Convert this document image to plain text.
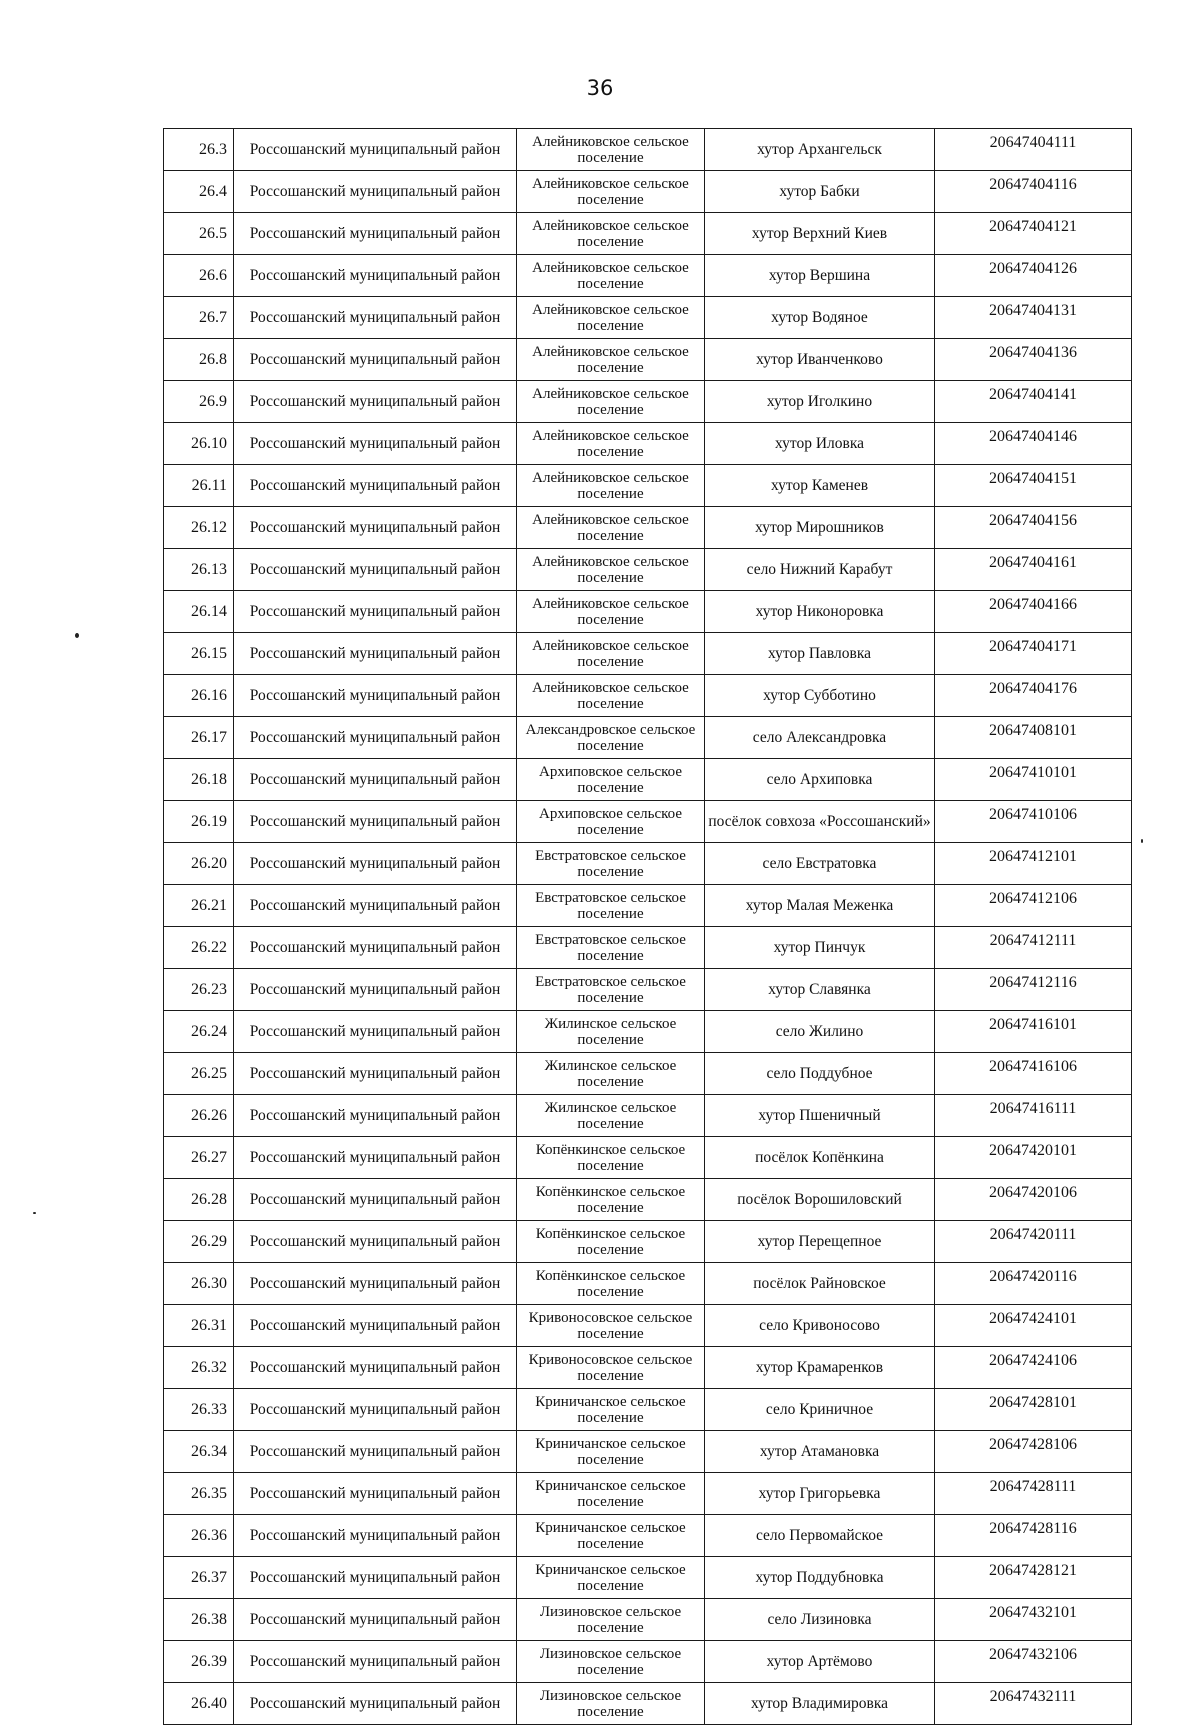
36
26.3	Россошанский муниципальный район	Алейниковское сельское поселение	хутор Архангельск	20647404111
26.4	Россошанский муниципальный район	Алейниковское сельское поселение	хутор Бабки	20647404116
26.5	Россошанский муниципальный район	Алейниковское сельское поселение	хутор Верхний Киев	20647404121
26.6	Россошанский муниципальный район	Алейниковское сельское поселение	хутор Вершина	20647404126
26.7	Россошанский муниципальный район	Алейниковское сельское поселение	хутор Водяное	20647404131
26.8	Россошанский муниципальный район	Алейниковское сельское поселение	хутор Иванченково	20647404136
26.9	Россошанский муниципальный район	Алейниковское сельское поселение	хутор Иголкино	20647404141
26.10	Россошанский муниципальный район	Алейниковское сельское поселение	хутор Иловка	20647404146
26.11	Россошанский муниципальный район	Алейниковское сельское поселение	хутор Каменев	20647404151
26.12	Россошанский муниципальный район	Алейниковское сельское поселение	хутор Мирошников	20647404156
26.13	Россошанский муниципальный район	Алейниковское сельское поселение	село Нижний Карабут	20647404161
26.14	Россошанский муниципальный район	Алейниковское сельское поселение	хутор Никоноровка	20647404166
26.15	Россошанский муниципальный район	Алейниковское сельское поселение	хутор Павловка	20647404171
26.16	Россошанский муниципальный район	Алейниковское сельское поселение	хутор Субботино	20647404176
26.17	Россошанский муниципальный район	Александровское сельское поселение	село Александровка	20647408101
26.18	Россошанский муниципальный район	Архиповское сельское поселение	село Архиповка	20647410101
26.19	Россошанский муниципальный район	Архиповское сельское поселение	посёлок совхоза «Россошанский»	20647410106
26.20	Россошанский муниципальный район	Евстратовское сельское поселение	село Евстратовка	20647412101
26.21	Россошанский муниципальный район	Евстратовское сельское поселение	хутор Малая Меженка	20647412106
26.22	Россошанский муниципальный район	Евстратовское сельское поселение	хутор Пинчук	20647412111
26.23	Россошанский муниципальный район	Евстратовское сельское поселение	хутор Славянка	20647412116
26.24	Россошанский муниципальный район	Жилинское сельское поселение	село Жилино	20647416101
26.25	Россошанский муниципальный район	Жилинское сельское поселение	село Поддубное	20647416106
26.26	Россошанский муниципальный район	Жилинское сельское поселение	хутор Пшеничный	20647416111
26.27	Россошанский муниципальный район	Копёнкинское сельское поселение	посёлок Копёнкина	20647420101
26.28	Россошанский муниципальный район	Копёнкинское сельское поселение	посёлок Ворошиловский	20647420106
26.29	Россошанский муниципальный район	Копёнкинское сельское поселение	хутор Перещепное	20647420111
26.30	Россошанский муниципальный район	Копёнкинское сельское поселение	посёлок Райновское	20647420116
26.31	Россошанский муниципальный район	Кривоносовское сельское поселение	село Кривоносово	20647424101
26.32	Россошанский муниципальный район	Кривоносовское сельское поселение	хутор Крамаренков	20647424106
26.33	Россошанский муниципальный район	Криничанское сельское поселение	село Криничное	20647428101
26.34	Россошанский муниципальный район	Криничанское сельское поселение	хутор Атамановка	20647428106
26.35	Россошанский муниципальный район	Криничанское сельское поселение	хутор Григорьевка	20647428111
26.36	Россошанский муниципальный район	Криничанское сельское поселение	село Первомайское	20647428116
26.37	Россошанский муниципальный район	Криничанское сельское поселение	хутор Поддубновка	20647428121
26.38	Россошанский муниципальный район	Лизиновское сельское поселение	село Лизиновка	20647432101
26.39	Россошанский муниципальный район	Лизиновское сельское поселение	хутор Артёмово	20647432106
26.40	Россошанский муниципальный район	Лизиновское сельское поселение	хутор Владимировка	20647432111
